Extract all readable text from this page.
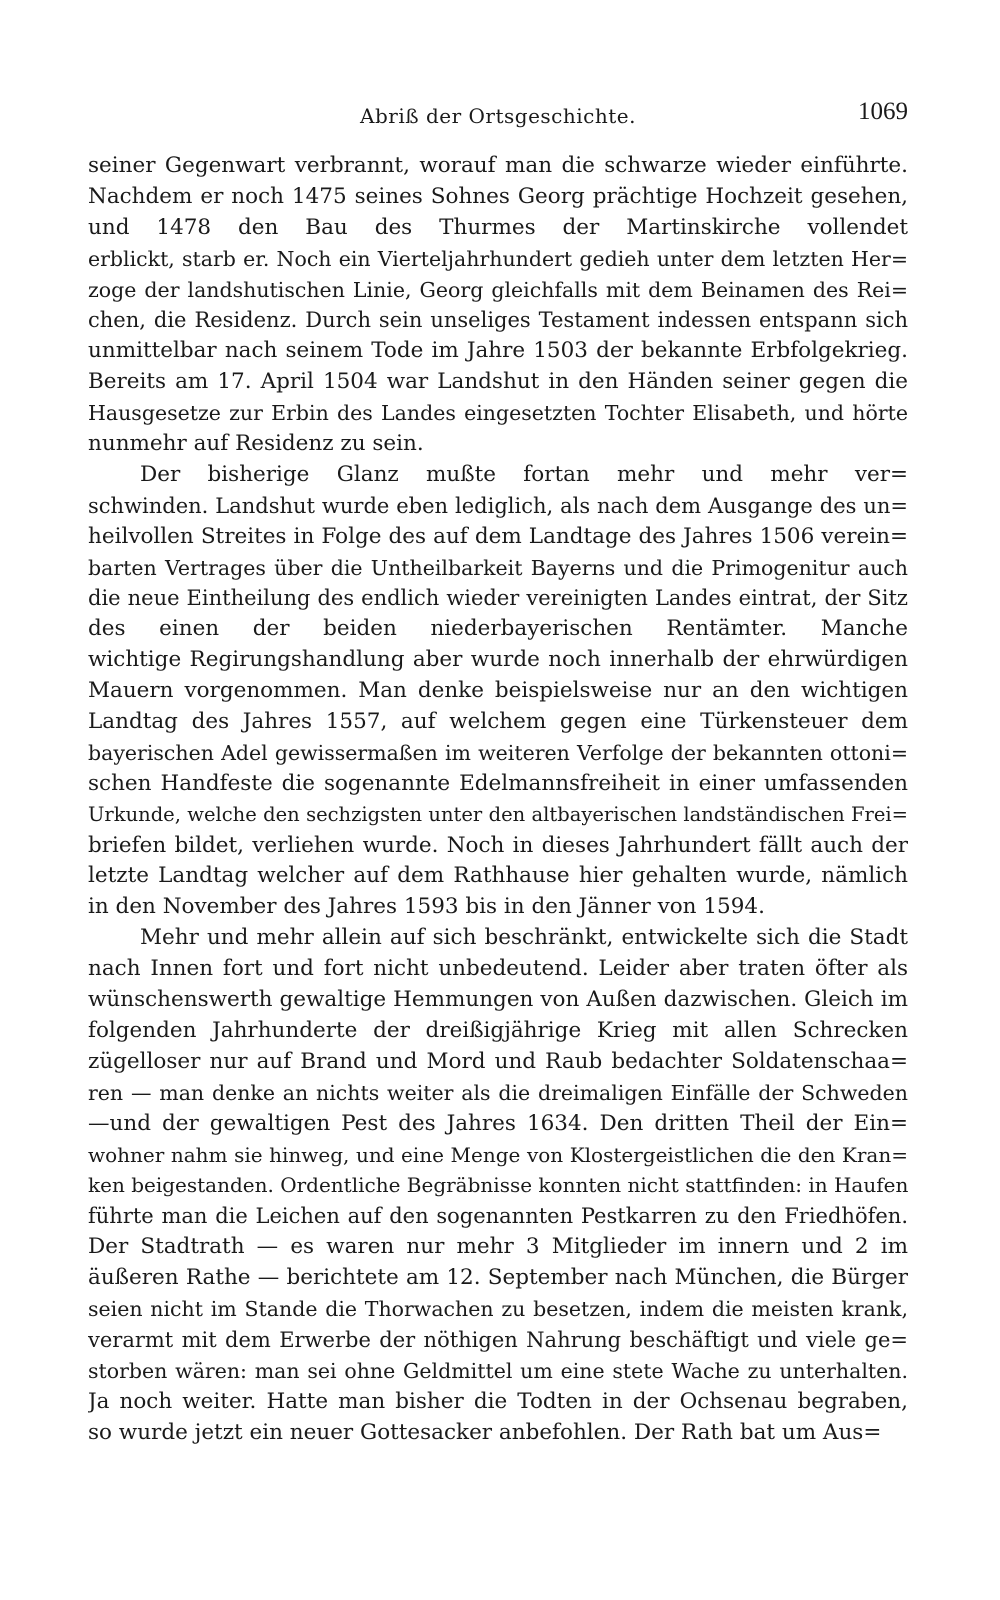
Abriß der Ortsgeschichte.	1069
seiner Gegenwart verbrannt, worauf man die schwarze wieder einführte.
Nachdem er noch 1475 seines Sohnes Georg prächtige Hochzeit gesehen,
und 1478 den Bau des Thurmes der Martinskirche vollendet
erblickt, starb er. Noch ein Vierteljahrhundert gedieh unter dem letzten Her=
zoge der landshutischen Linie, Georg gleichfalls mit dem Beinamen des Rei=
chen, die Residenz. Durch sein unseliges Testament indessen entspann sich
unmittelbar nach seinem Tode im Jahre 1503 der bekannte Erbfolgekrieg.
Bereits am 17. April 1504 war Landshut in den Händen seiner gegen die
Hausgesetze zur Erbin des Landes eingesetzten Tochter Elisabeth, und hörte
nunmehr auf Residenz zu sein.
Der bisherige Glanz mußte fortan mehr und mehr ver=
schwinden. Landshut wurde eben lediglich, als nach dem Ausgange des un=
heilvollen Streites in Folge des auf dem Landtage des Jahres 1506 verein=
barten Vertrages über die Untheilbarkeit Bayerns und die Primogenitur auch
die neue Eintheilung des endlich wieder vereinigten Landes eintrat, der Sitz
des einen der beiden niederbayerischen Rentämter. Manche
wichtige Regirungshandlung aber wurde noch innerhalb der ehrwürdigen
Mauern vorgenommen. Man denke beispielsweise nur an den wichtigen
Landtag des Jahres 1557, auf welchem gegen eine Türkensteuer dem
bayerischen Adel gewissermaßen im weiteren Verfolge der bekannten ottoni=
schen Handfeste die sogenannte Edelmannsfreiheit in einer umfassenden
Urkunde, welche den sechzigsten unter den altbayerischen landständischen Frei=
briefen bildet, verliehen wurde. Noch in dieses Jahrhundert fällt auch der
letzte Landtag welcher auf dem Rathhause hier gehalten wurde, nämlich
in den November des Jahres 1593 bis in den Jänner von 1594.
Mehr und mehr allein auf sich beschränkt, entwickelte sich die Stadt
nach Innen fort und fort nicht unbedeutend. Leider aber traten öfter als
wünschenswerth gewaltige Hemmungen von Außen dazwischen. Gleich im
folgenden Jahrhunderte der dreißigjährige Krieg mit allen Schrecken
zügelloser nur auf Brand und Mord und Raub bedachter Soldatenschaa=
ren — man denke an nichts weiter als die dreimaligen Einfälle der Schweden
—und der gewaltigen Pest des Jahres 1634. Den dritten Theil der Ein=
wohner nahm sie hinweg, und eine Menge von Klostergeistlichen die den Kran=
ken beigestanden. Ordentliche Begräbnisse konnten nicht stattfinden: in Haufen
führte man die Leichen auf den sogenannten Pestkarren zu den Friedhöfen.
Der Stadtrath — es waren nur mehr 3 Mitglieder im innern und 2 im
äußeren Rathe — berichtete am 12. September nach München, die Bürger
seien nicht im Stande die Thorwachen zu besetzen, indem die meisten krank,
verarmt mit dem Erwerbe der nöthigen Nahrung beschäftigt und viele ge=
storben wären: man sei ohne Geldmittel um eine stete Wache zu unterhalten.
Ja noch weiter. Hatte man bisher die Todten in der Ochsenau begraben,
so wurde jetzt ein neuer Gottesacker anbefohlen. Der Rath bat um Aus=
